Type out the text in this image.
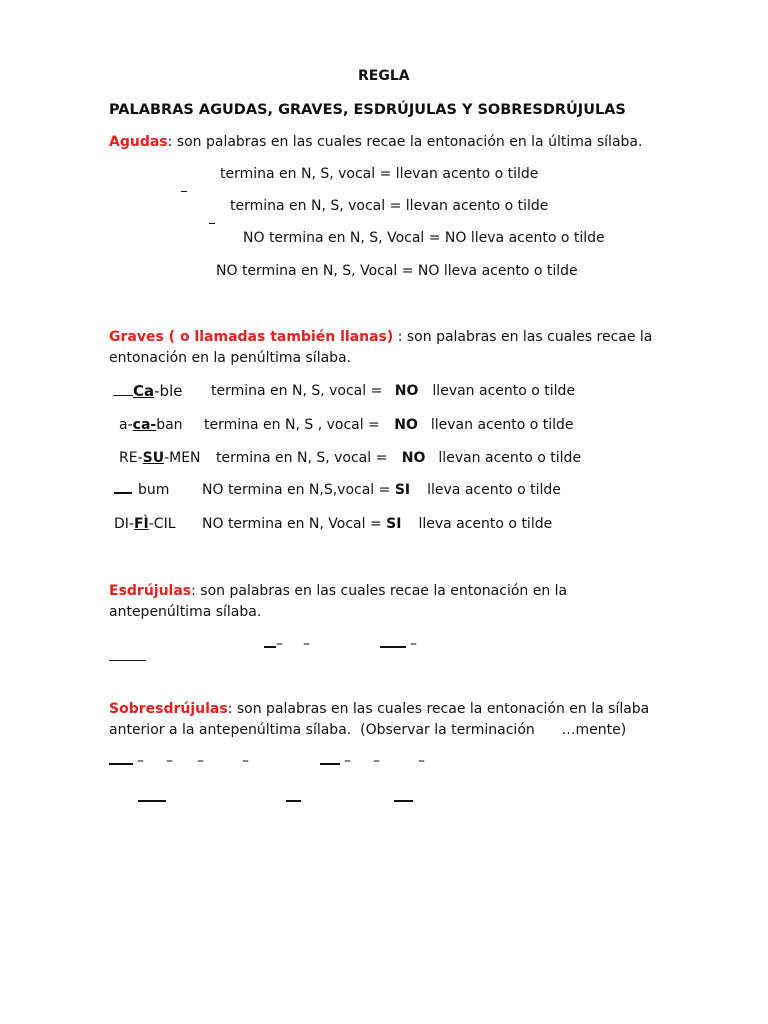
REGLA
PALABRAS AGUDAS, GRAVES, ESDRÚJULAS Y SOBRESDRÚJULAS
Agudas: son palabras en las cuales recae la entonación en la última sílaba.
termina en N, S, vocal = llevan acento o tilde
termina en N, S, vocal = llevan acento o tilde
NO termina en N, S, Vocal = NO lleva acento o tilde
NO termina en N, S, Vocal = NO lleva acento o tilde
Graves ( o llamadas también llanas) : son palabras en las cuales recae la
entonación en la penúltima sílaba.
Ca-ble termina en N, S, vocal = NO llevan acento o tilde
a-ca-ban termina en N, S , vocal = NO llevan acento o tilde
RE-SU-MEN termina en N, S, vocal = NO llevan acento o tilde
bum NO termina en N,S,vocal = SI lleva acento o tilde
DI-FÌ-CIL NO termina en N, Vocal = SI lleva acento o tilde
Esdrújulas: son palabras en las cuales recae la entonación en la
antepenúltima sílaba.
– –	–
Sobresdrújulas: son palabras en las cuales recae la entonación en la sílaba
anterior a la antepenúltima sílaba.  (Observar la terminación      …mente)
– – –	–	– –	–
